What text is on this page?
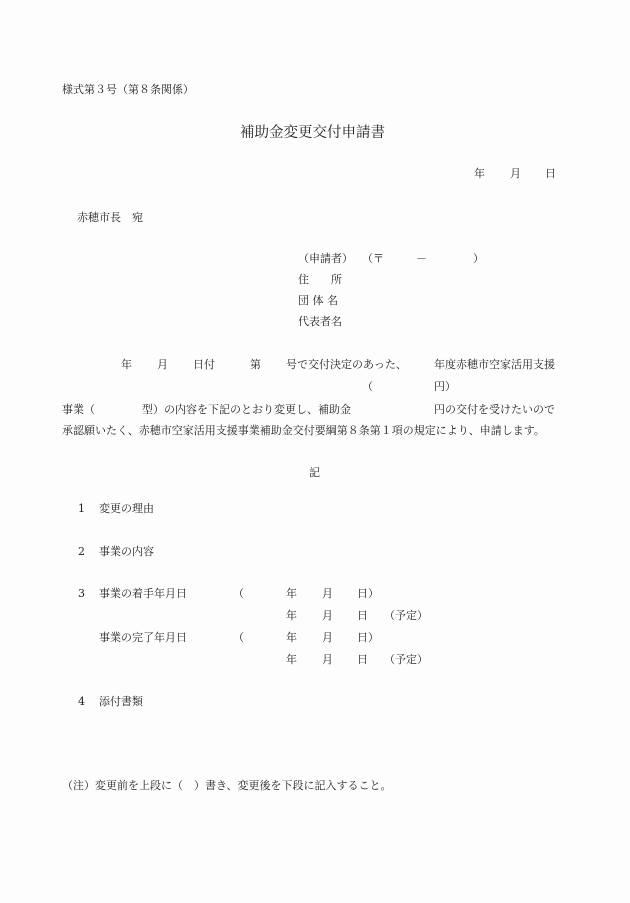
様式第３号（第８条関係）
補助金変更交付申請書
年 月 日
赤穂市長　宛
（申請者） （〒	－	）
住　　所
団 体 名
代表者名
年 月 日付	第 号で交付決定のあった、 年度赤穂市空家活用支援
（	円）
事業（	型）の内容を下記のとおり変更し、補助金	円の交付を受けたいので
承認願いたく、赤穂市空家活用支援事業補助金交付要綱第８条第１項の規定により、申請します。
記
1 変更の理由
2 事業の内容
3 事業の着手年月日	（	年 月 日）
年 月 日 （予定）
事業の完了年月日	（	年 月 日）
年 月 日 （予定）
4 添付書類
（注）変更前を上段に（　）書き、変更後を下段に記入すること。
